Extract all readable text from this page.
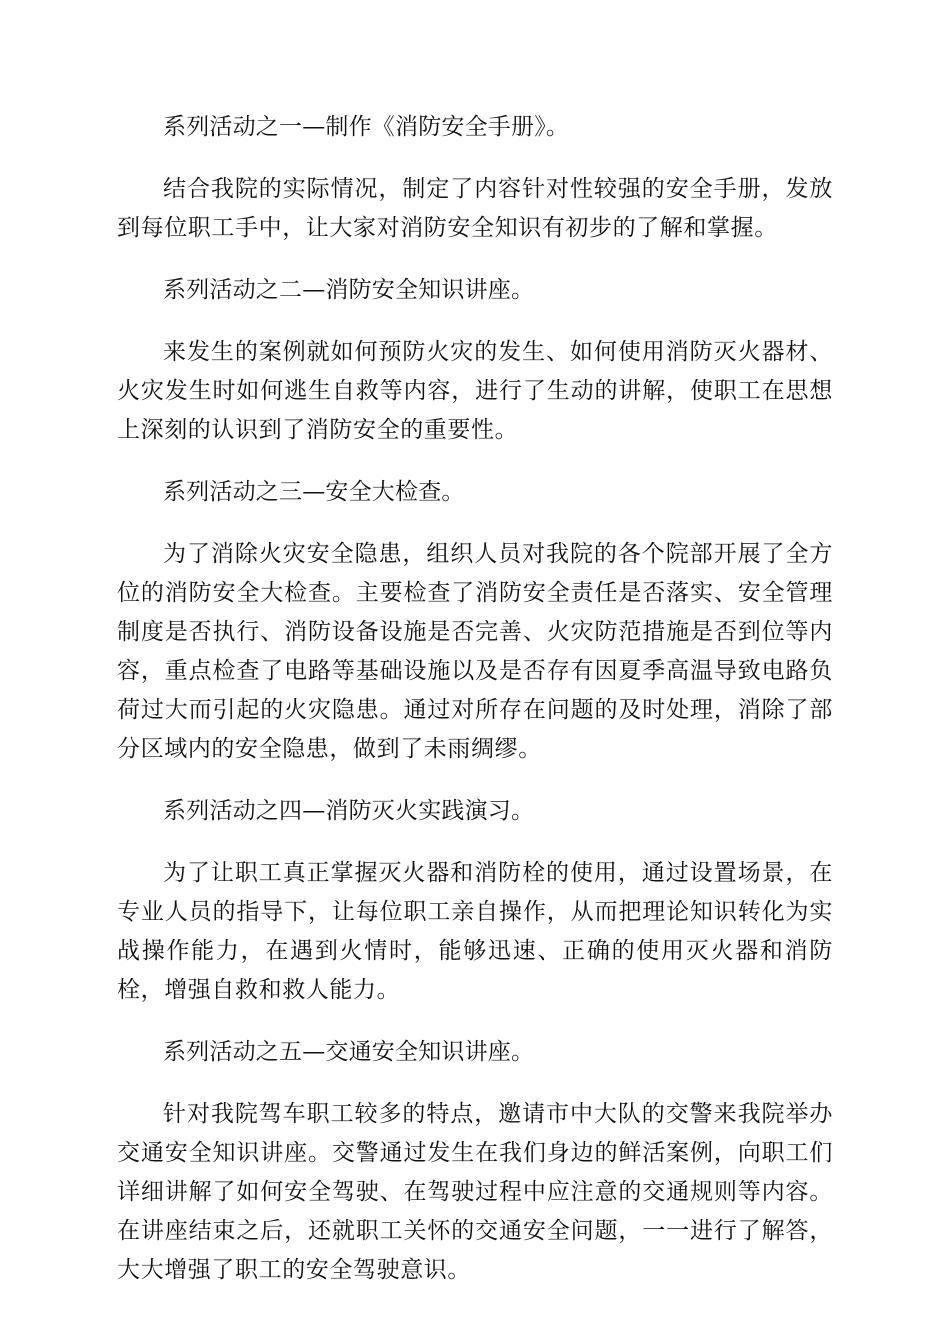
系列活动之一—制作《消防安全手册》。

结合我院的实际情况，制定了内容针对性较强的安全手册，发放到每位职工手中，让大家对消防安全知识有初步的了解和掌握。

系列活动之二—消防安全知识讲座。

来发生的案例就如何预防火灾的发生、如何使用消防灭火器材、火灾发生时如何逃生自救等内容，进行了生动的讲解，使职工在思想上深刻的认识到了消防安全的重要性。

系列活动之三—安全大检查。

为了消除火灾安全隐患，组织人员对我院的各个院部开展了全方位的消防安全大检查。主要检查了消防安全责任是否落实、安全管理制度是否执行、消防设备设施是否完善、火灾防范措施是否到位等内容，重点检查了电路等基础设施以及是否存有因夏季高温导致电路负荷过大而引起的火灾隐患。通过对所存在问题的及时处理，消除了部分区域内的安全隐患，做到了未雨绸缪。

系列活动之四—消防灭火实践演习。

为了让职工真正掌握灭火器和消防栓的使用，通过设置场景，在专业人员的指导下，让每位职工亲自操作，从而把理论知识转化为实战操作能力，在遇到火情时，能够迅速、正确的使用灭火器和消防栓，增强自救和救人能力。

系列活动之五—交通安全知识讲座。

针对我院驾车职工较多的特点，邀请市中大队的交警来我院举办交通安全知识讲座。交警通过发生在我们身边的鲜活案例，向职工们详细讲解了如何安全驾驶、在驾驶过程中应注意的交通规则等内容。在讲座结束之后，还就职工关怀的交通安全问题，一一进行了解答，大大增强了职工的安全驾驶意识。
